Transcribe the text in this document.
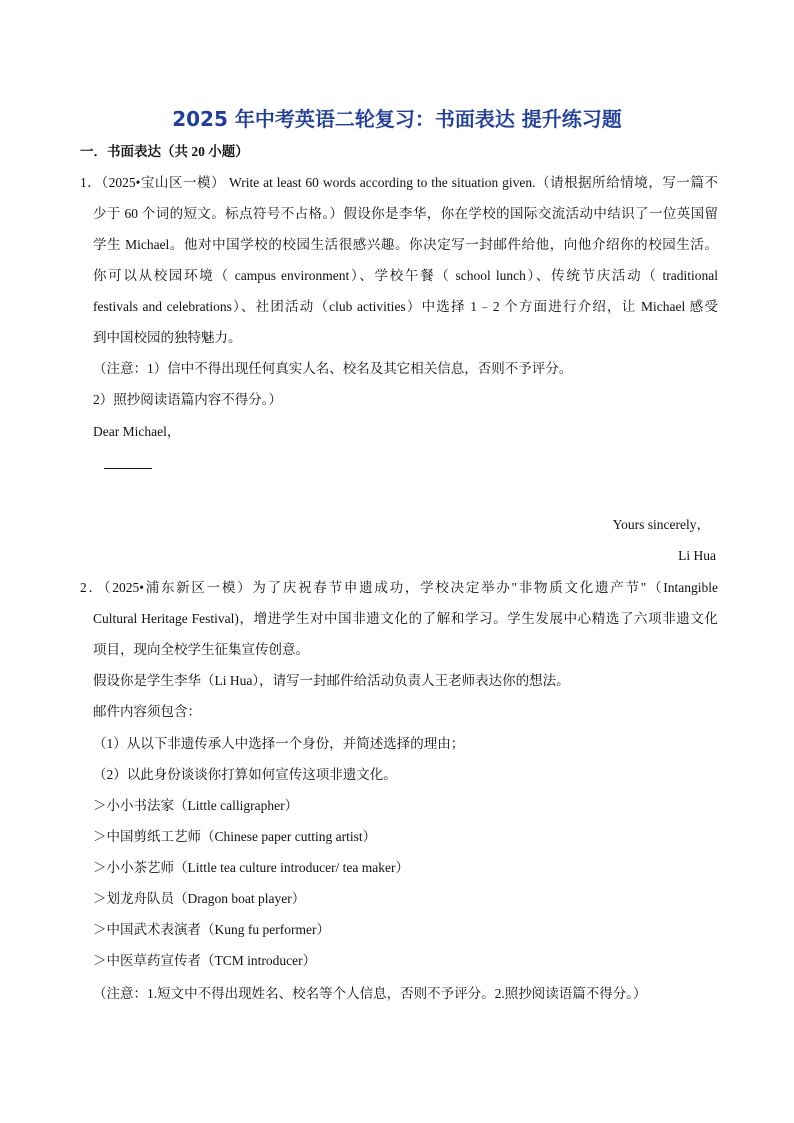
2025 年中考英语二轮复习：书面表达 提升练习题
一．书面表达（共 20 小题）
1．（2025•宝山区一模） Write at least 60 words according to the situation given.（请根据所给情境，写一篇不
少于 60 个词的短文。标点符号不占格。）假设你是李华，你在学校的国际交流活动中结识了一位英国留
学生 Michael。他对中国学校的校园生活很感兴趣。你决定写一封邮件给他，向他介绍你的校园生活。
你可以从校园环境（ campus environment）、学校午餐（ school lunch）、传统节庆活动（ traditional
festivals and celebrations）、社团活动（club activities）中选择 1﹣2 个方面进行介绍，让 Michael 感受
到中国校园的独特魅力。
（注意：1）信中不得出现任何真实人名、校名及其它相关信息，否则不予评分。
2）照抄阅读语篇内容不得分。）
Dear Michael，
Yours sincerely，
Li Hua
2．（2025•浦东新区一模）为了庆祝春节申遗成功，学校决定举办"非物质文化遗产节"（Intangible
Cultural Heritage Festival)，增进学生对中国非遗文化的了解和学习。学生发展中心精选了六项非遗文化
项目，现向全校学生征集宣传创意。
假设你是学生李华（Li Hua），请写一封邮件给活动负责人王老师表达你的想法。
邮件内容须包含：
（1）从以下非遗传承人中选择一个身份，并简述选择的理由；
（2）以此身份谈谈你打算如何宣传这项非遗文化。
＞小小书法家（Little calligrapher）
＞中国剪纸工艺师（Chinese paper cutting artist）
＞小小茶艺师（Little tea culture introducer/ tea maker）
＞划龙舟队员（Dragon boat player）
＞中国武术表演者（Kung fu performer）
＞中医草药宣传者（TCM introducer）
（注意：1.短文中不得出现姓名、校名等个人信息，否则不予评分。2.照抄阅读语篇不得分。）
